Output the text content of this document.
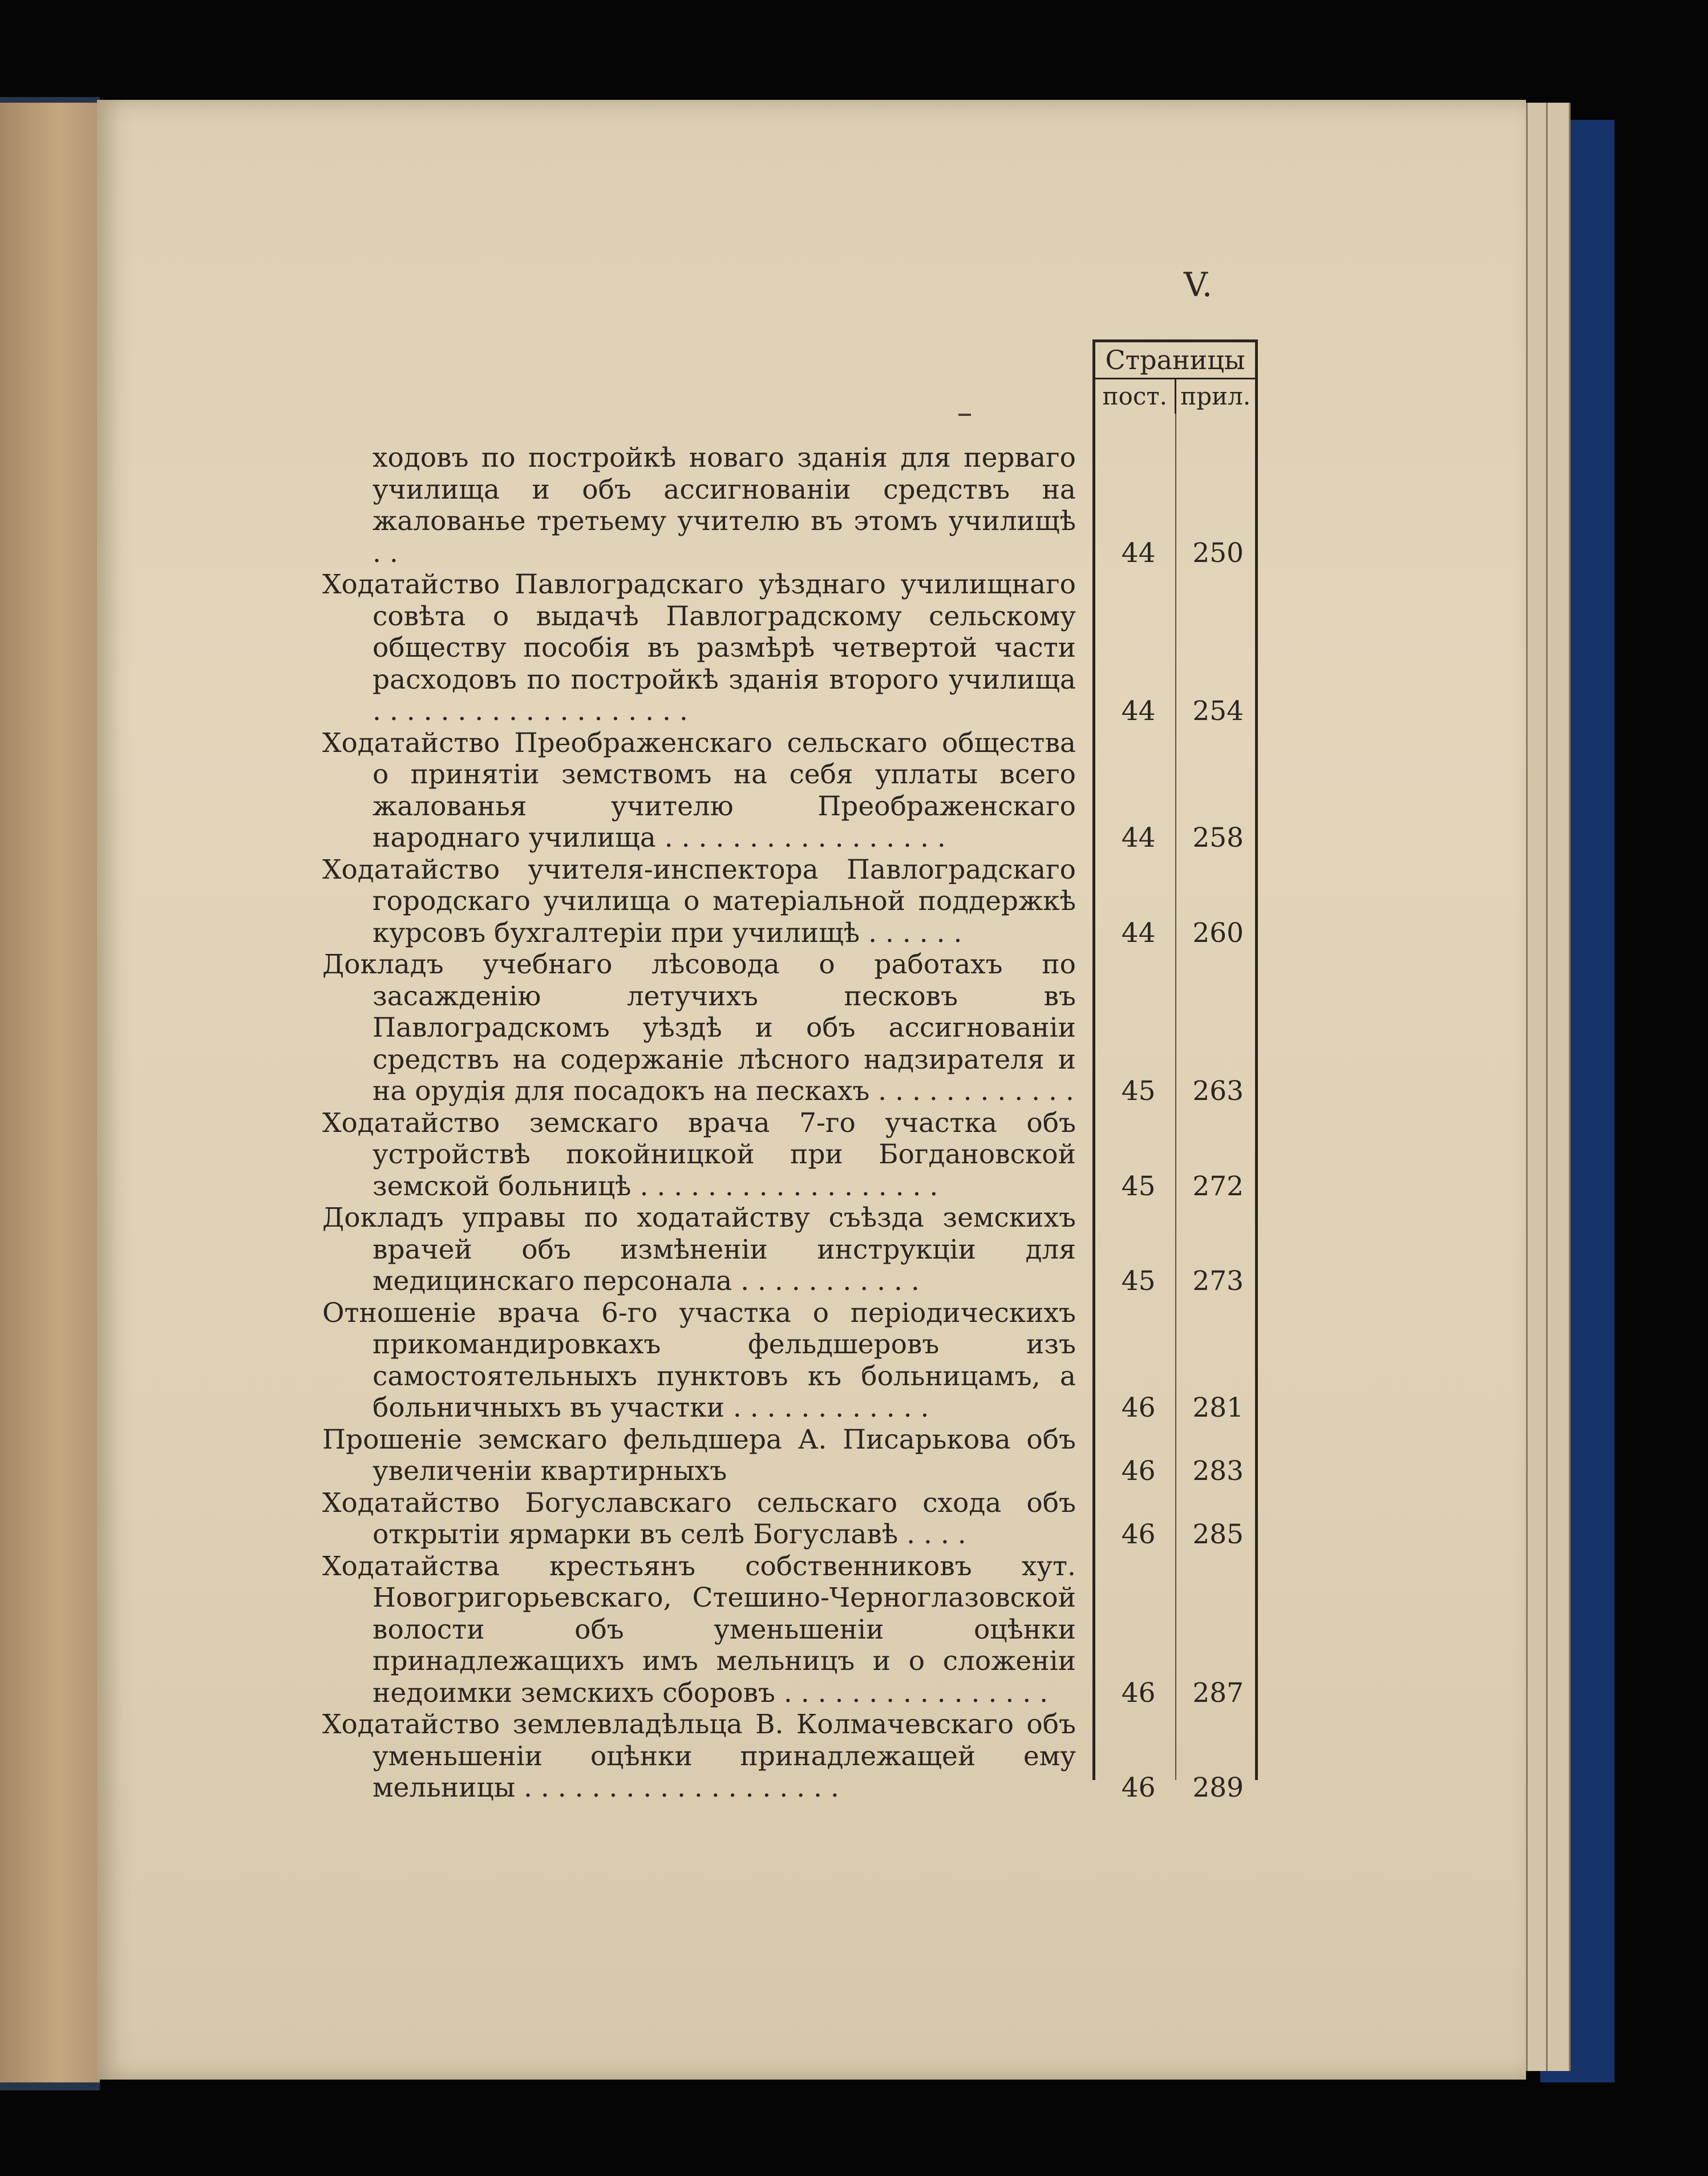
V.
Страницы
пост. прил.
ходовъ по постройкѣ новаго зданія для перваго училища и объ ассигнованіи средствъ на жалованье третьему учителю въ этомъ училищѣ . .	44	250
Ходатайство Павлоградскаго уѣзднаго училищнаго совѣта о выдачѣ Павлоградскому сельскому обществу пособія въ размѣрѣ четвертой части расходовъ по постройкѣ зданія второго училища . . . . . . . . . . . . . . . . . . .	44	254
Ходатайство Преображенскаго сельскаго общества о принятіи земствомъ на себя уплаты всего жалованья учителю Преображенскаго народнаго училища . . . . . . . . . . . . . . . . .	44	258
Ходатайство учителя-инспектора Павлоградскаго городскаго училища о матеріальной поддержкѣ курсовъ бухгалтеріи при училищѣ . . . . . .	44	260
Докладъ учебнаго лѣсовода о работахъ по засажденію летучихъ песковъ въ Павлоградскомъ уѣздѣ и объ ассигнованіи средствъ на содержаніе лѣсного надзирателя и на орудія для посадокъ на пескахъ . . . . . . . . . . . .	45	263
Ходатайство земскаго врача 7-го участка объ устройствѣ покойницкой при Богдановской земской больницѣ . . . . . . . . . . . . . . . . . .	45	272
Докладъ управы по ходатайству съѣзда земскихъ врачей объ измѣненіи инструкціи для медицинскаго персонала . . . . . . . . . . .	45	273
Отношеніе врача 6-го участка о періодическихъ прикомандировкахъ фельдшеровъ изъ самостоятельныхъ пунктовъ къ больницамъ, а больничныхъ въ участки . . . . . . . . . . . .	46	281
Прошеніе земскаго фельдшера А. Писарькова объ увеличеніи квартирныхъ	46	283
Ходатайство Богуславскаго сельскаго схода объ открытіи ярмарки въ селѣ Богуславѣ . . . .	46	285
Ходатайства крестьянъ собственниковъ хут. Новогригорьевскаго, Стешино-Черноглазовской волости объ уменьшеніи оцѣнки принадлежащихъ имъ мельницъ и о сложеніи недоимки земскихъ сборовъ . . . . . . . . . . . . . . . .	46	287
Ходатайство землевладѣльца В. Колмачевскаго объ уменьшеніи оцѣнки принадлежащей ему мельницы . . . . . . . . . . . . . . . . . . .	46	289
